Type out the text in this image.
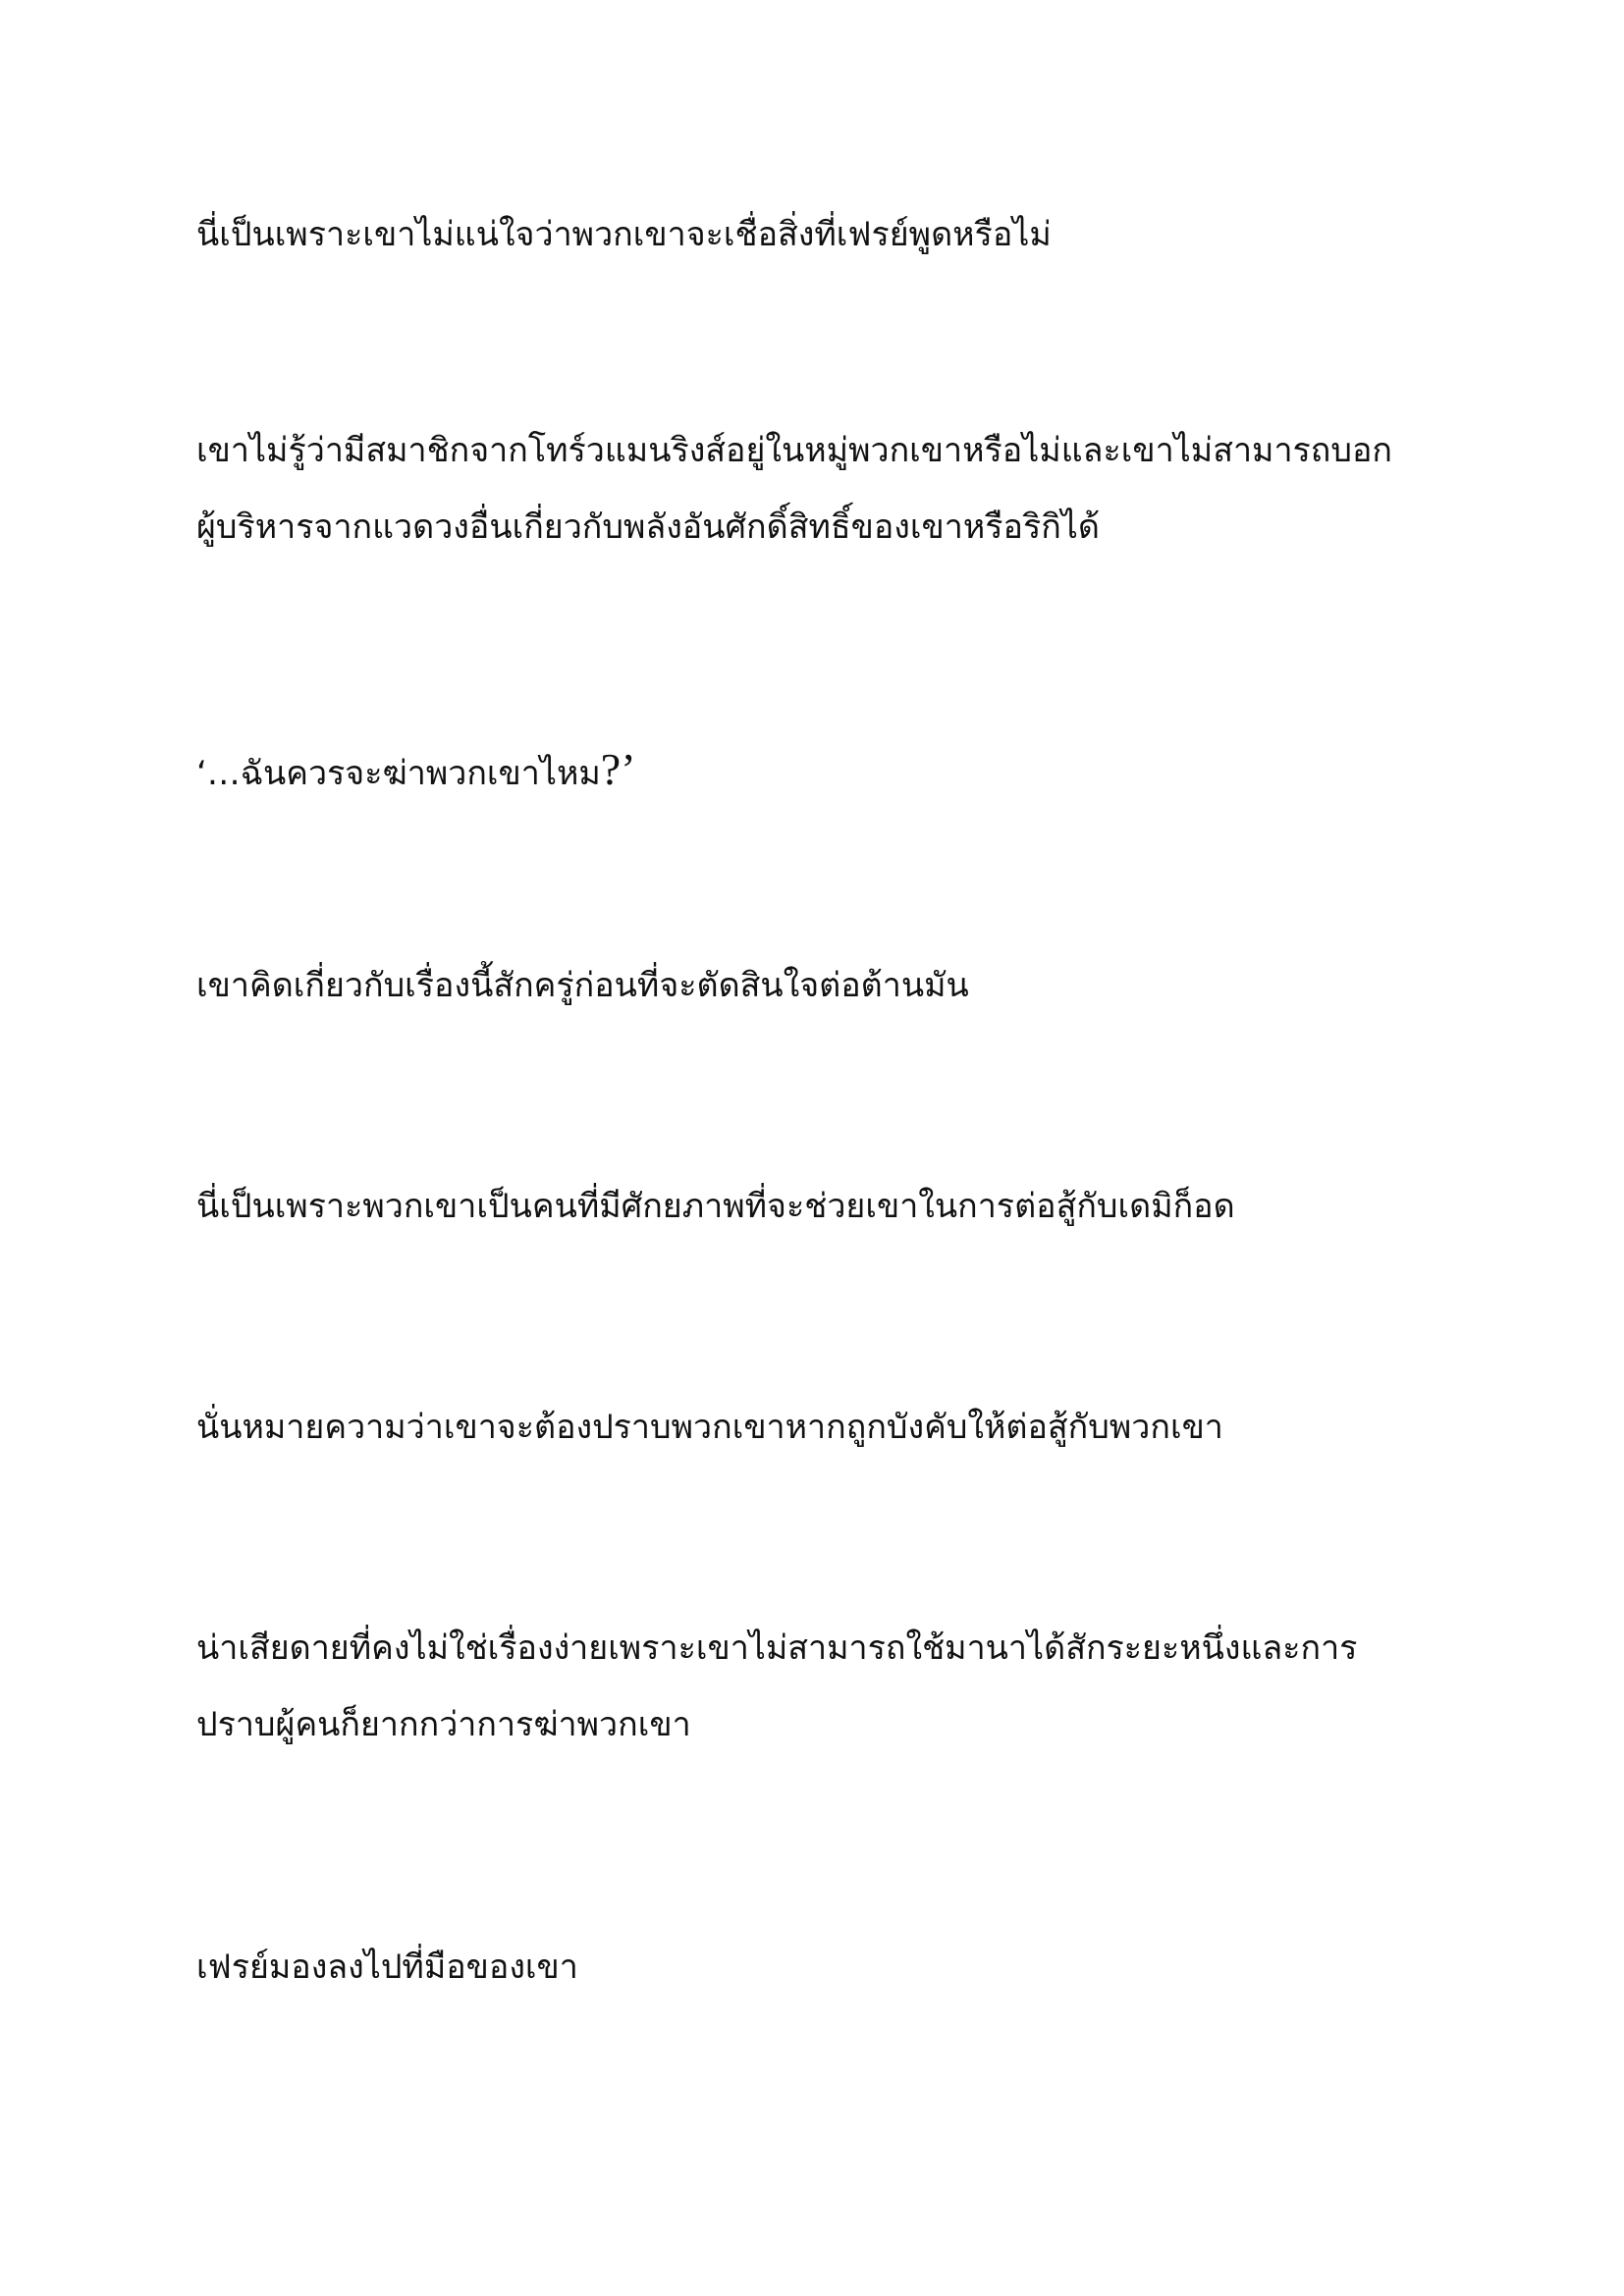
นี่เป็นเพราะเขาไม่แน่ใจว่าพวกเขาจะเชื่อสิ่งที่เฟรย์พูดหรือไม่

เขาไม่รู้ว่ามีสมาชิกจากโทร์วแมนริงส์อยู่ในหมู่พวกเขาหรือไม่และเขาไม่สามารถบอก
ผู้บริหารจากแวดวงอื่นเกี่ยวกับพลังอันศักดิ์สิทธิ์ของเขาหรือริกิได้

‘…ฉันควรจะฆ่าพวกเขาไหม?’

เขาคิดเกี่ยวกับเรื่องนี้สักครู่ก่อนที่จะตัดสินใจต่อต้านมัน

นี่เป็นเพราะพวกเขาเป็นคนที่มีศักยภาพที่จะช่วยเขาในการต่อสู้กับเดมิก็อด

นั่นหมายความว่าเขาจะต้องปราบพวกเขาหากถูกบังคับให้ต่อสู้กับพวกเขา

น่าเสียดายที่คงไม่ใช่เรื่องง่ายเพราะเขาไม่สามารถใช้มานาได้สักระยะหนึ่งและการ
ปราบผู้คนก็ยากกว่าการฆ่าพวกเขา

เฟรย์มองลงไปที่มือของเขา
